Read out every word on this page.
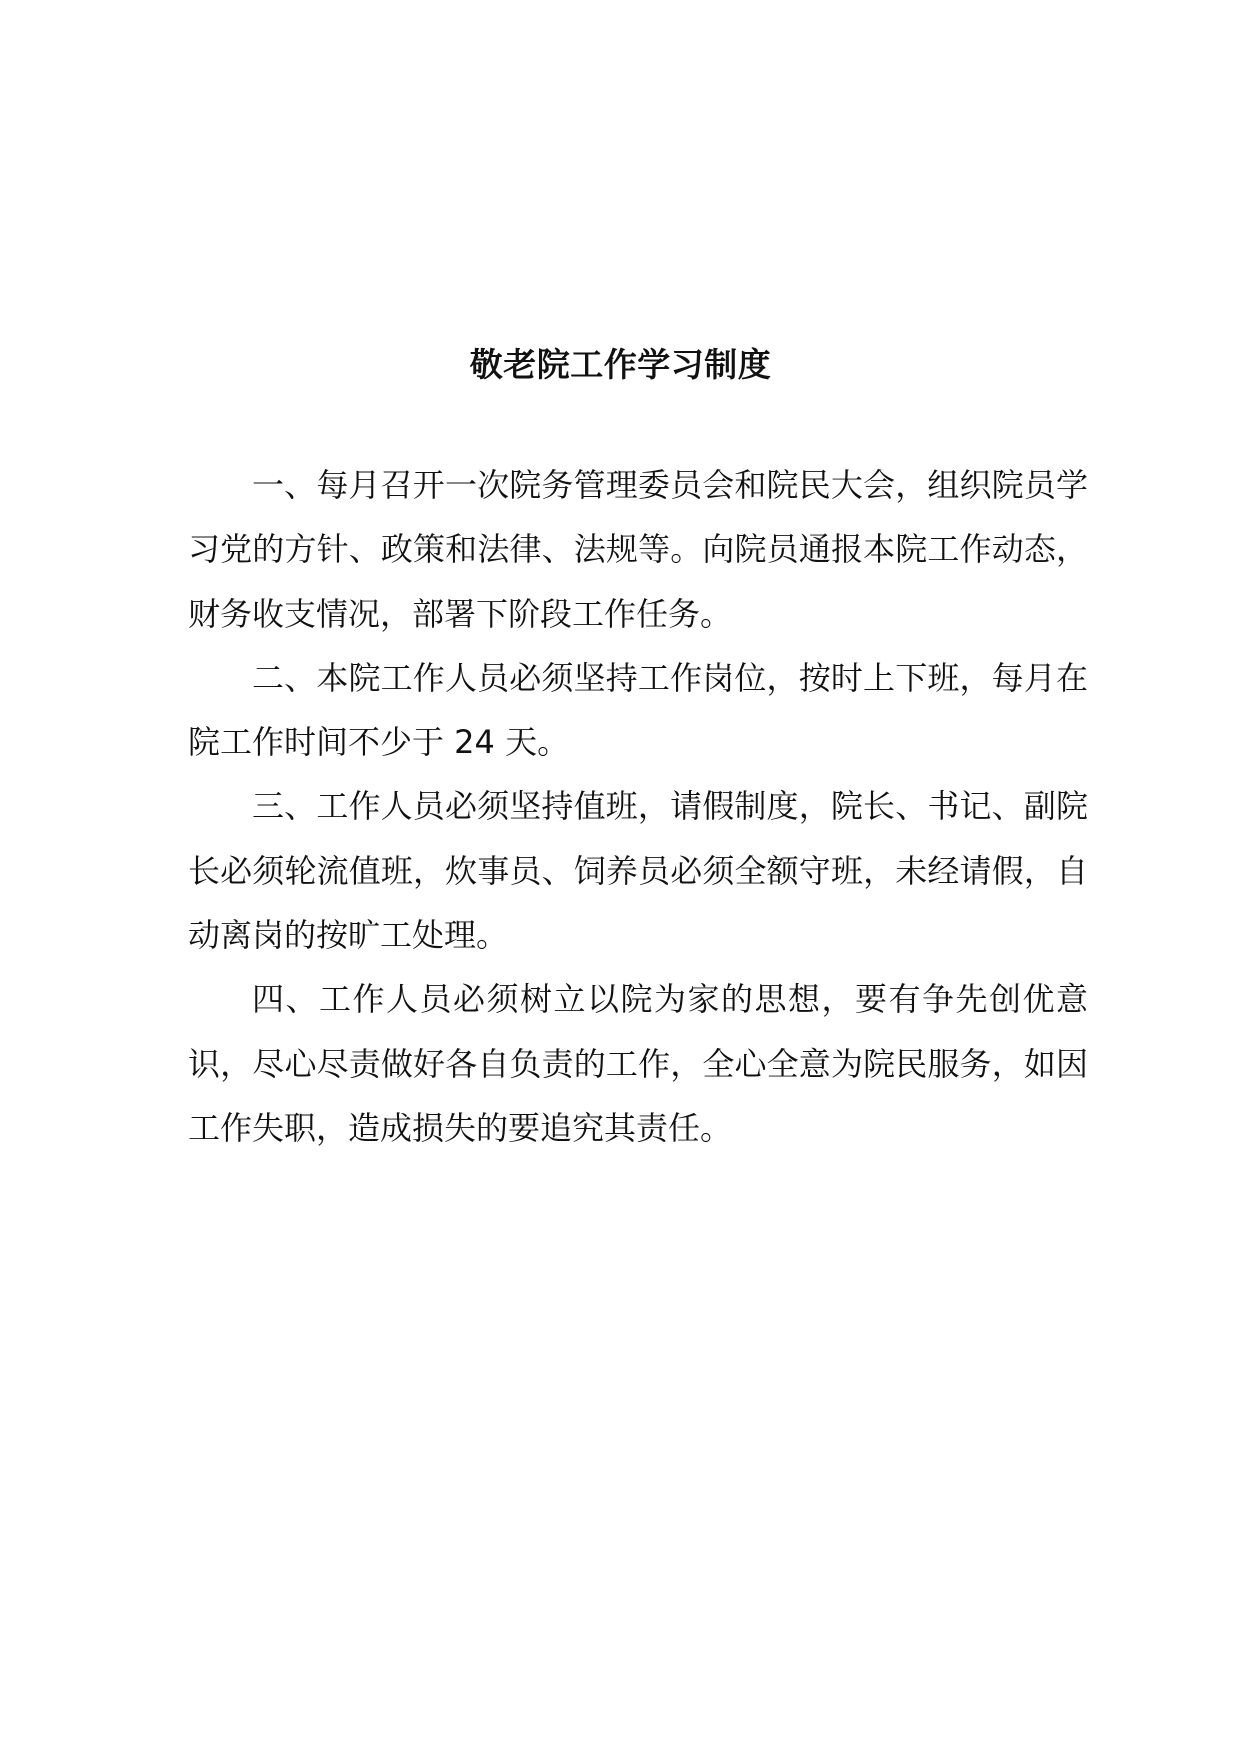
敬老院工作学习制度

一、每月召开一次院务管理委员会和院民大会，组织院员学习党的方针、政策和法律、法规等。向院员通报本院工作动态，财务收支情况，部署下阶段工作任务。

二、本院工作人员必须坚持工作岗位，按时上下班，每月在院工作时间不少于 24 天。

三、工作人员必须坚持值班，请假制度，院长、书记、副院长必须轮流值班，炊事员、饲养员必须全额守班，未经请假，自动离岗的按旷工处理。

四、工作人员必须树立以院为家的思想，要有争先创优意识，尽心尽责做好各自负责的工作，全心全意为院民服务，如因工作失职，造成损失的要追究其责任。
